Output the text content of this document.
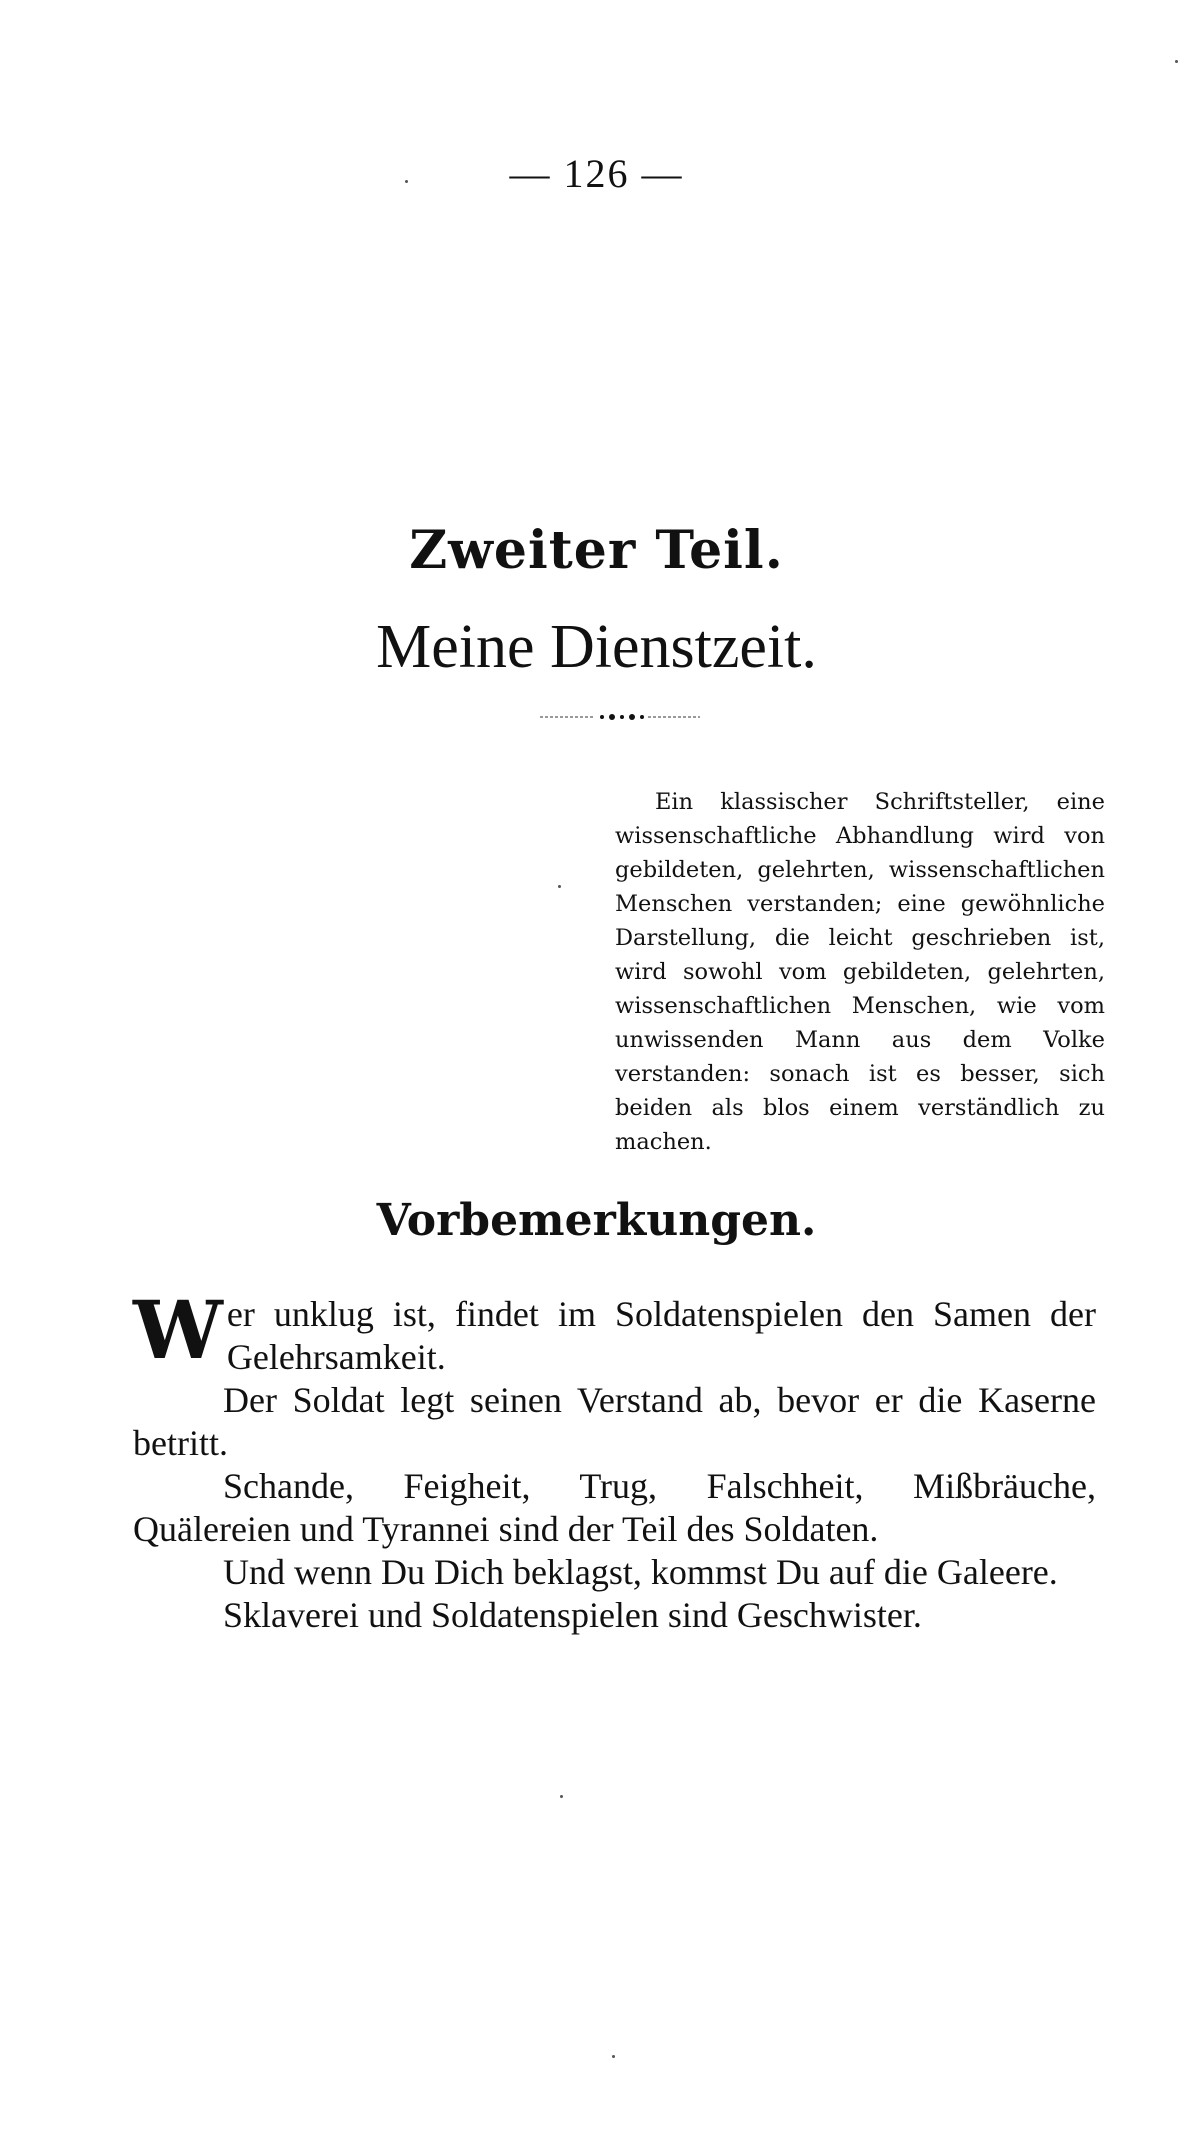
— 126 —
Zweiter Teil.
Meine Dienstzeit.

Ein klassischer Schriftsteller, eine wissenschaftliche Abhandlung wird von gebildeten, gelehrten, wissenschaftlichen Menschen verstanden; eine gewöhnliche Darstellung, die leicht geschrieben ist, wird sowohl vom gebildeten, gelehrten, wissenschaftlichen Menschen, wie vom unwissenden Mann aus dem Volke verstanden: sonach ist es besser, sich beiden als blos einem verständlich zu machen.

Vorbemerkungen.

W er unklug ist, findet im Soldatenspielen den Samen der Gelehrsamkeit.

Der Soldat legt seinen Verstand ab, bevor er die Kaserne betritt.

Schande, Feigheit, Trug, Falschheit, Mißbräuche, Quälereien und Tyrannei sind der Teil des Soldaten.

Und wenn Du Dich beklagst, kommst Du auf die Galeere.

Sklaverei und Soldatenspielen sind Geschwister.
